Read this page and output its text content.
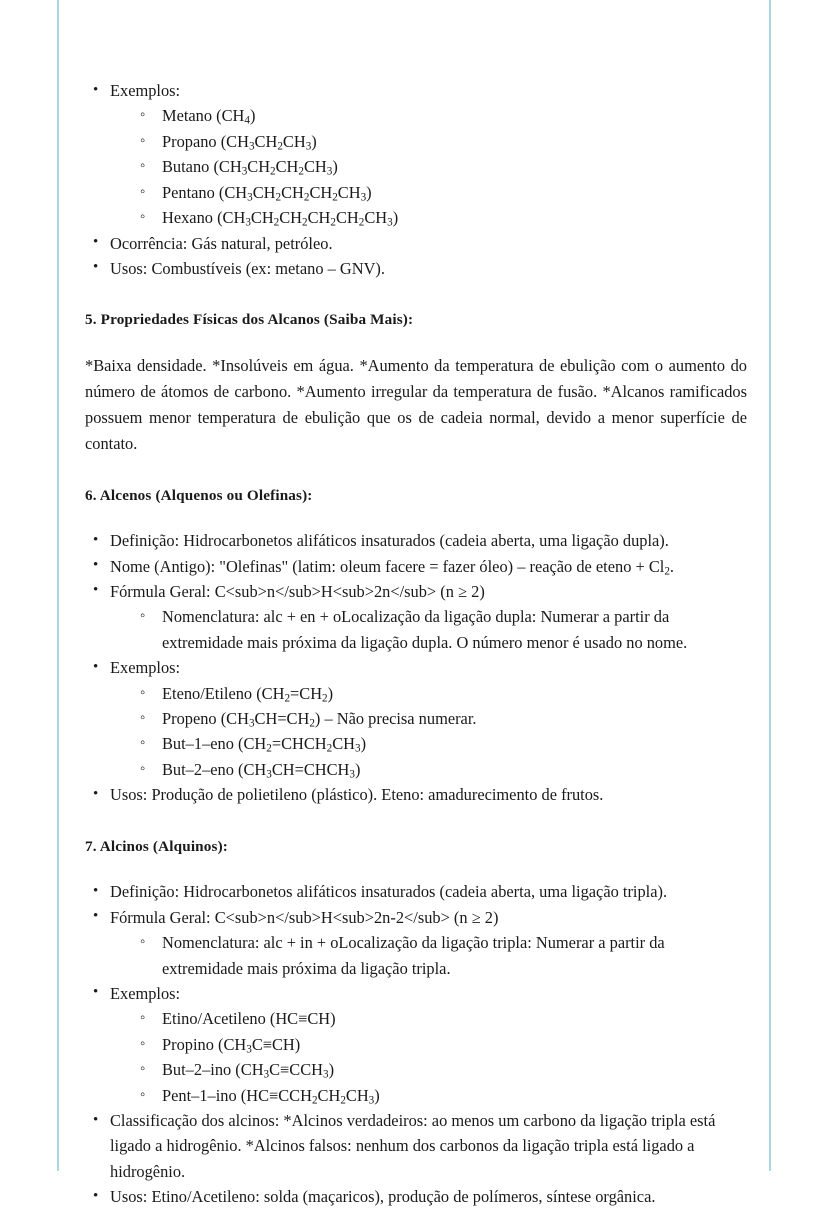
• Exemplos:
◦ Metano $(CH_4)$
◦ Propano $(CH_3CH_2CH_3)$
◦ Butano $(CH_3CH_2CH_2CH_3)$
◦ Pentano $(CH_3CH_2CH_2CH_2CH_3)$
◦ Hexano $(CH_3CH_2CH_2CH_2CH_2CH_3)$
• Ocorrência: Gás natural, petróleo.
• Usos: Combustíveis (ex: metano – GNV).
5. Propriedades Físicas dos Alcanos (Saiba Mais):

*Baixa densidade. *Insolúveis em água. *Aumento da temperatura de ebulição com o aumento do número de átomos de carbono. *Aumento irregular da temperatura de fusão. *Alcanos ramificados possuem menor temperatura de ebulição que os de cadeia normal, devido a menor superfície de contato.

6. Alcenos (Alquenos ou Olefinas):
• Definição: Hidrocarbonetos alifáticos insaturados (cadeia aberta, uma ligação dupla).
• Nome (Antigo): "Olefinas" (latim: oleum facere = fazer óleo) – reação de eteno + $Cl_2$.
• Fórmula Geral: C<sub>n</sub>H<sub>2n</sub> (n ≥ 2)
◦ Nomenclatura: alc + en + oLocalização da ligação dupla: Numerar a partir da extremidade mais próxima da ligação dupla. O número menor é usado no nome.
• Exemplos:
◦ Eteno/Etileno $(CH_2=CH_2)$
◦ Propeno $(CH_3CH=CH_2)$ – Não precisa numerar.
◦ But–1–eno $(CH_2=CHCH_2CH_3)$
◦ But–2–eno $(CH_3CH=CHCH_3)$
• Usos: Produção de polietileno (plástico). Eteno: amadurecimento de frutos.
7. Alcinos (Alquinos):
• Definição: Hidrocarbonetos alifáticos insaturados (cadeia aberta, uma ligação tripla).
• Fórmula Geral: C<sub>n</sub>H<sub>2n-2</sub> (n ≥ 2)
◦ Nomenclatura: alc + in + oLocalização da ligação tripla: Numerar a partir da extremidade mais próxima da ligação tripla.
• Exemplos:
◦ Etino/Acetileno (HC≡CH)
◦ Propino $(CH_3C\equiv CH)$
◦ But–2–ino $(CH_3C\equiv CCH_3)$
◦ Pent–1–ino $(HC\equiv CCH_2CH_2CH_3)$
• Classificação dos alcinos: *Alcinos verdadeiros: ao menos um carbono da ligação tripla está ligado a hidrogênio. *Alcinos falsos: nenhum dos carbonos da ligação tripla está ligado a hidrogênio.
• Usos: Etino/Acetileno: solda (maçaricos), produção de polímeros, síntese orgânica.
